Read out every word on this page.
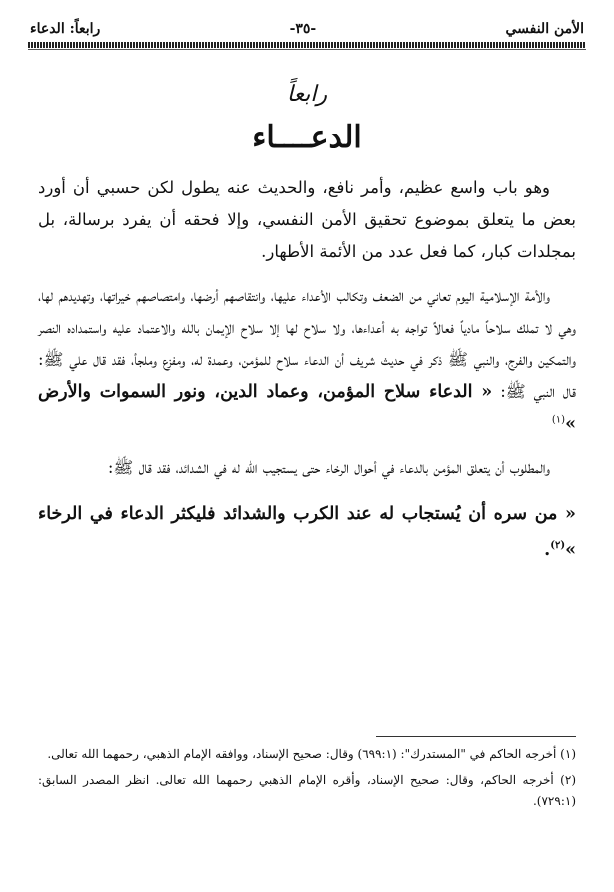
الأمن النفسي
-٣٥-
رابعاً: الدعاء
رابعاً
الدعــــاء

وهو باب واسع عظيم، وأمر نافع، والحديث عنه يطول لكن حسبي أن أورد بعض ما يتعلق بموضوع تحقيق الأمن النفسي، وإلا فحقه أن يفرد برسالة، بل بمجلدات كبار، كما فعل عدد من الأئمة الأطهار.

والأمة الإسلامية اليوم تعاني من الضعف وتكالب الأعداء عليها، وانتقاصهم أرضها، وامتصاصهم خيراتها، وتهديدهم لها، وهي لا تملك سلاحاً مادياً فعالاً تواجه به أعداءها، ولا سلاح لها إلا سلاح الإيمان بالله والاعتماد عليه واستمداده النصر والتمكين والفرج، والنبي ﷺ ذكر في حديث شريف أن الدعاء سلاح للمؤمن، وعمدة له، ومفزع وملجأ، فقد قال علي ﷺ: قال النبي ﷺ: « الدعاء سلاح المؤمن، وعماد الدين، ونور السموات والأرض »$^{(١)}$

والمطلوب أن يتعلق المؤمن بالدعاء في أحوال الرخاء حتى يستجيب الله له في الشدائد، فقد قال ﷺ:

« من سره أن يُستجاب له عند الكرب والشدائد فليكثر الدعاء في الرخاء »$^{(٢)}$.

(١) أخرجه الحاكم في "المستدرك": (٦٩٩:١) وقال: صحيح الإسناد، ووافقه الإمام الذهبي، رحمهما الله تعالى.

(٢) أخرجه الحاكم، وقال: صحيح الإسناد، وأقره الإمام الذهبي رحمهما الله تعالى. انظر المصدر السابق: (٧٢٩:١).
